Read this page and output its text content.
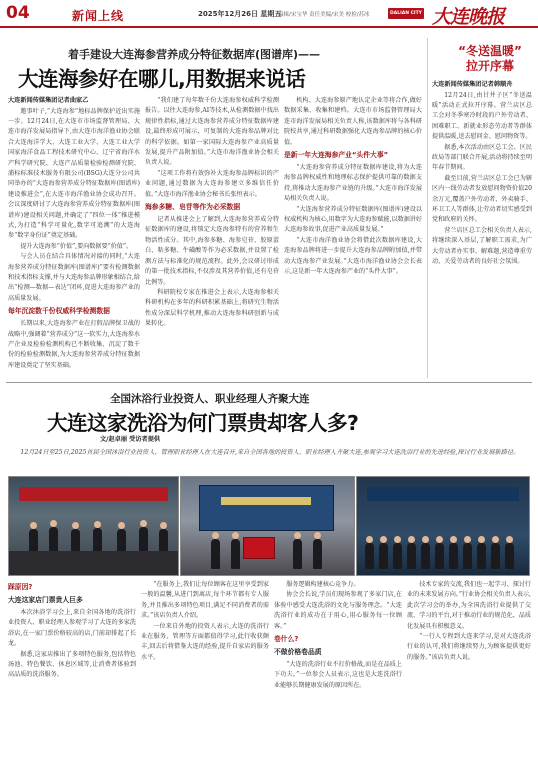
04	新闻上线	2025年12月26日 星期五
编辑/宋宝华 责任美编/宋美 校检/苏冰	DALIAN CITY NEWS 大连晚报
着手建设大连海参营养成分特征数据库(图谱库)——
大连海参好在哪儿,用数据来说话
大连新闻传媒集团记者曲家乙

邀事叶子,“大连海参”地标品牌保护近出实施一步。12月24日,在大连市市场监督管理局、大连市海洋发展局指导下,由大连市海洋渔业协会联合大连海洋学大、大连工业大学、大连工业大学国家海洋食品工程技术研究中心、辽宁省海洋水产科学研究院、大连产品质量检验检测研究院、浦标标准技术服务有限公司(BSG)大连分公司共同举办的“大连海参营养成分特征数据库(图谱库)建设推进会”,在大连市海洋渔业协会成功召开。会议深度研讨了大连海参营养成分特征数据库(图谱库)建设相关问题,并确定了“四位一体”推进模式,为打造“科学可量化,数字可追溯”的大连海参“数字身份证”奠定基础。

提升大连海参“价值”,要向数据要“价值”。

与会人员在结合具体情况对接的同时,“大连海参营养成分特征数据库(图谱库)”要有检测数据和技术指标支撑,并与大连海参品牌形象相结合,给出“检测—数据—表达”闭环,促进大连海参产业的高质量发展。

每年沉淀数千份权威科学检测数据

长期以来,大连海参产业在打假品牌保卫战的战略中,强调着“营养成分”这一软实力,大连海参水产企业及检验检测机构已不断收集、沉淀了数千份的检验检测数据,为大连海参营养成分特征数据库建设奠定了坚实基础。

“我们建了每年数千份大连海参权威科学检测报告。以往大连海参,AI等技术,从检测数据中找出规律性指标,通过大连海参营养成分特征数据库建设,最终形成可展示、可复制的大连海参品牌对比的科学依据。如第一家国际大连海参产业高质量发展,提升产品附加值。”大连市海洋渔业协会相关负责人说。

“这项工作将有效弥补大连海参品牌标识的产业问题,通过数据为大连海参建立多维信任价值。”大连市海洋渔业协会秘书长张恒表示。

海参多糖、皂苷等作为必采数据

记者从推进会上了解到,大连海参营养成分特征数据库的建设,将锁定大连海参特有的营养和生物活性成分。其中,海参多糖、海参皂苷、胶原蛋白、粘多糖、牛磺酸等作为必采数据,并设置了检测方法与标准化的规范流程。此外,会议研讨形成的第一批技术指标,不仅涉及其营养价值,还有皂苷比例等。

科研院校专家在推进会上表示,大连海参相关科研机构在多年的科研积累基础上,将研究生物活性成分深层科学机理,推动大连海参科研创新与成果转化。

机构、大连海参原产地认定企业等将合作,做好数据采集、收集和建档。大连市市场监督管理局大连市海洋发展局相关负责人称,该数据库将与各科研院校共享,通过科研数据强化大连海参品牌的核心价值。

是新一年大连海参产业“头件大事”

“大连海参营养成分特征数据库建设,将为大连海参品牌权威性和地理标志保护提供可靠的数据支持,将推动大连海参产业链的升级。”大连市海洋发展局相关负责人说。

“大连海参营养成分特征数据库(图谱库)建设以权威机构为核心,用数字为大连海参赋能,以数据讲好大连海参故事,促进产业高质量发展。”

“大连市海洋渔业协会将借此次数据库建设,大连海参品牌将进一步提升大连海参品牌附加值,并带动大连海参产业发展。”大连市海洋渔业协会会长表示,这是新一年大连海参产业的“头件大事”。

“冬送温暖”
拉开序幕
大连新闻传媒集团记者韩顺舟

12月24日,由甘井子区“冬送温暖”活动正式拉开序幕。营兰店区总工会对冬季寒冷时段的户外劳动者、困难职工、新就业形态劳动者等群体提供温暖,送去慰问金、慰问物资等。

据悉,本次活动由区总工会、区民政局等部门联合开展,活动将持续至明年春节期间。

截至目前,营兰店区总工会已为辖区内一线劳动者发放慰问物资价值20余万元,覆盖户外劳动者、外卖骑手、环卫工人等群体,让劳动者切实感受到党和政府的关怀。

营兰店区总工会相关负责人表示,将继续深入基层,了解职工需求,为广大劳动者办实事、解难题,营造尊重劳动、关爱劳动者的良好社会氛围。

全国沐浴行业投资人、职业经理人齐聚大连
大连这家洗浴为何门票贵却客人多?
文/赵卓丽 受访者提供
12月24日至25日,2025首届全国沐浴行业投资人、管理职业经理人在大连召开,来自全国各地的投资人、职业经理人齐聚大连,参观学习大连洗浴行业的先进经验,探讨行业发展新路径。
踩原因?
大连这家店门票贵人巨多

本次沐浴学习会上,来自全国各地的洗浴行业投资人、职业经理人参观学习了大连的多家洗浴店,在一家门票价格较高的店,门前却排起了长龙。

据悉,这家店推出了多项特色服务,包括特色汤池、特色餐饮、休息区域等,让消费者体验到高品质的洗浴服务。

“在服务上,我们让每位顾客在这里享受到家一般的温馨,从进门到离店,每个环节都有专人服务,并且推出多项特色项目,满足不同消费者的需求。”该店负责人介绍。

一位来自外地的投资人表示,大连的洗浴行业在服务、管理等方面都值得学习,此行收获颇丰,回去后将借鉴大连的经验,提升自家店的服务水平。

服务逻辑构建核心竞争力。

协会会长说,学员们现场参观了多家门店,在体验中感受大连洗浴的文化与服务理念。“大连洗浴行业的成功在于用心,用心服务每一位顾客。”

卷什么?
不做价格卷品质

“大连的洗浴行业不打价格战,而是在品质上下功夫。”一位参会人员表示,这也是大连洗浴行业能够长期健康发展的原因所在。

技术专家的交流,我们也一起学习、探讨行业的未来发展方向。”行业协会相关负责人表示,此次学习会的举办,为全国洗浴行业提供了交流、学习的平台,对于推动行业的规范化、品质化发展具有积极意义。

“一行人专程到大连来学习,是对大连洗浴行业的认可,我们将继续努力,为顾客提供更好的服务。”该店负责人说。
